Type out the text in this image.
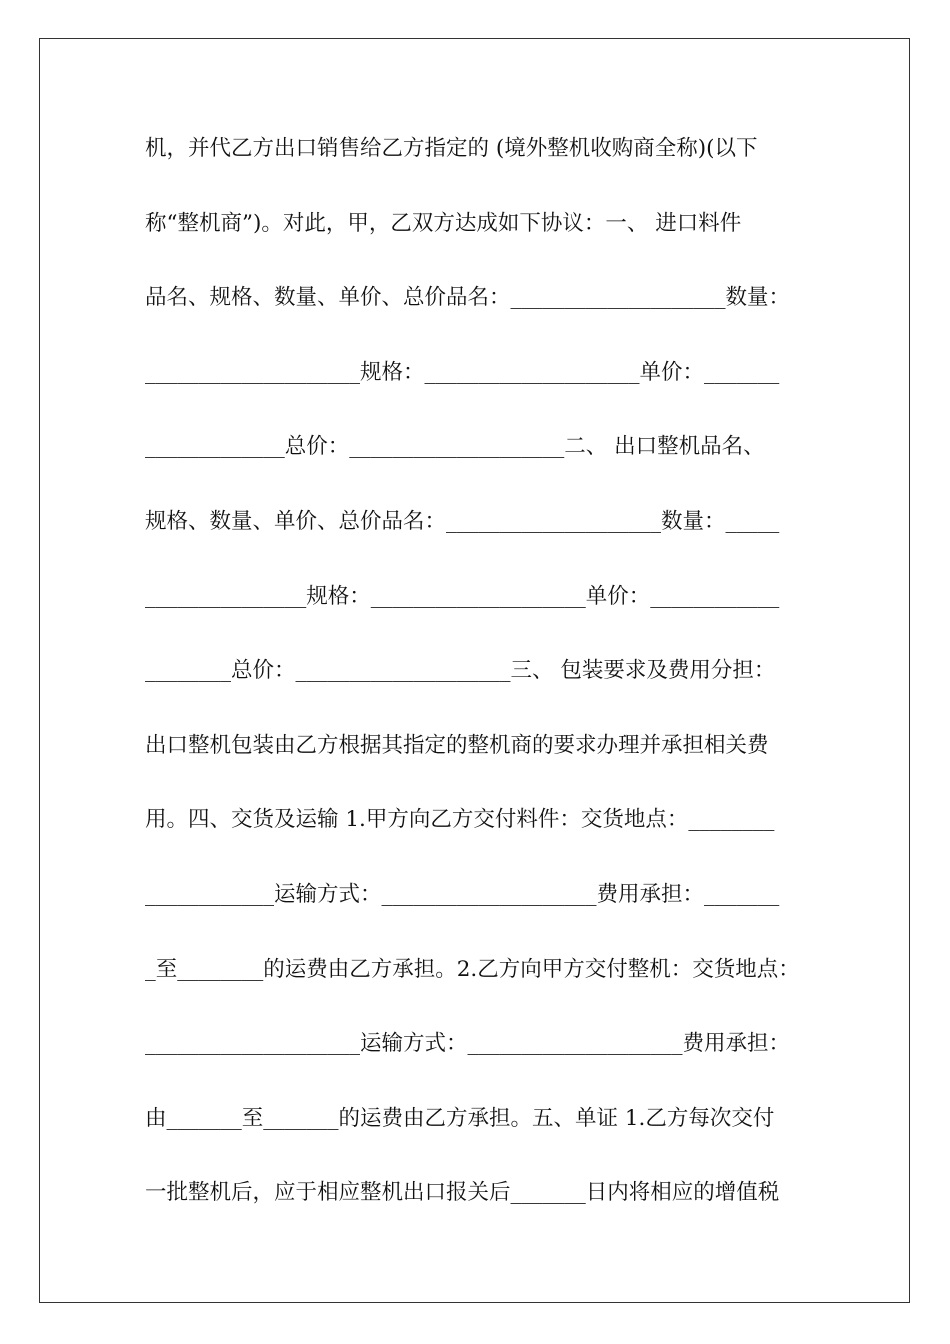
机，并代乙方出口销售给乙方指定的 (境外整机收购商全称)(以下
称“整机商”)。对此，甲，乙双方达成如下协议：一、 进口料件
品名、规格、数量、单价、总价品名：____________________数量：
____________________规格：____________________单价：_______
_____________总价：____________________二、 出口整机品名、
规格、数量、单价、总价品名：____________________数量：_____
_______________规格：____________________单价：____________
________总价：____________________三、 包装要求及费用分担：
出口整机包装由乙方根据其指定的整机商的要求办理并承担相关费
用。四、交货及运输 1.甲方向乙方交付料件：交货地点：________
____________运输方式：____________________费用承担：_______
_至________的运费由乙方承担。2.乙方向甲方交付整机：交货地点：
____________________运输方式：____________________费用承担：
由_______至_______的运费由乙方承担。五、单证 1.乙方每次交付
一批整机后，应于相应整机出口报关后_______日内将相应的增值税
